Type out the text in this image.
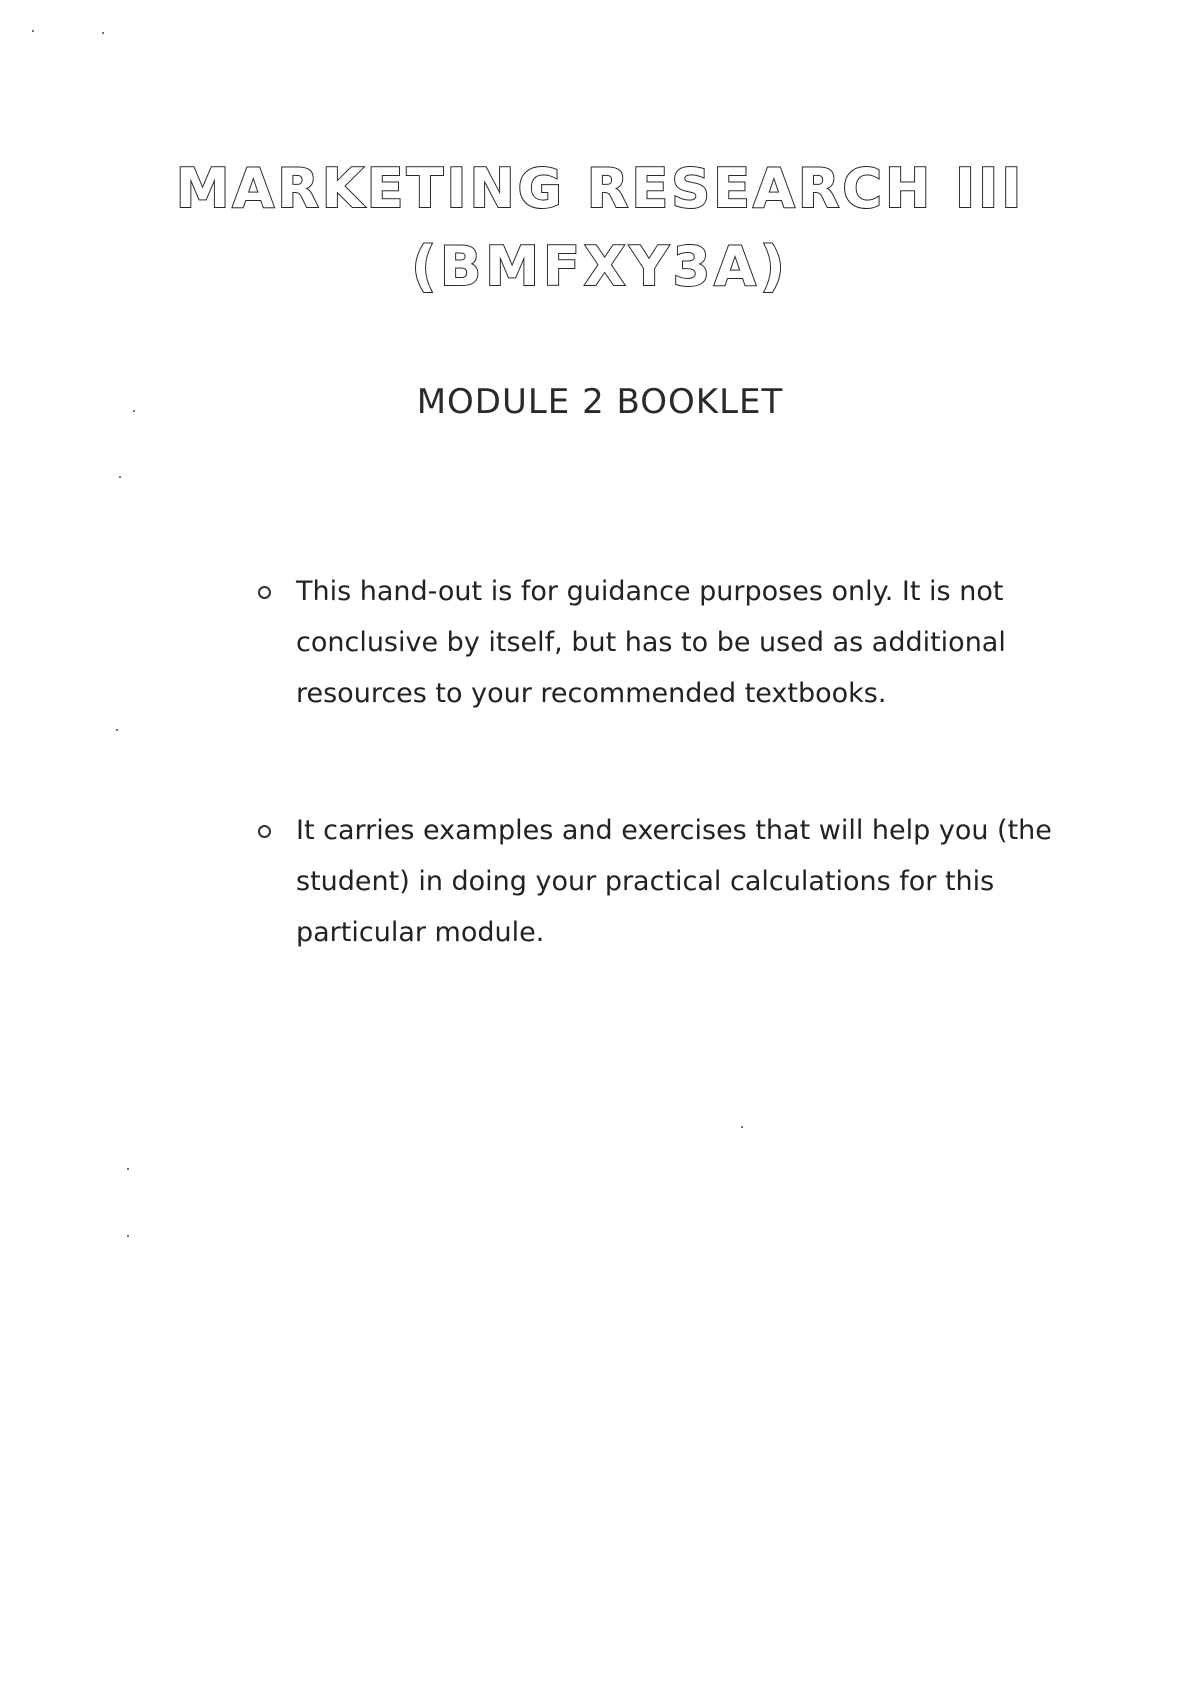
MARKETING RESEARCH III

(BMFXY3A)

MODULE 2 BOOKLET

This hand-out is for guidance purposes only. It is not conclusive by itself, but has to be used as additional resources to your recommended textbooks.
It carries examples and exercises that will help you (the student) in doing your practical calculations for this particular module.
